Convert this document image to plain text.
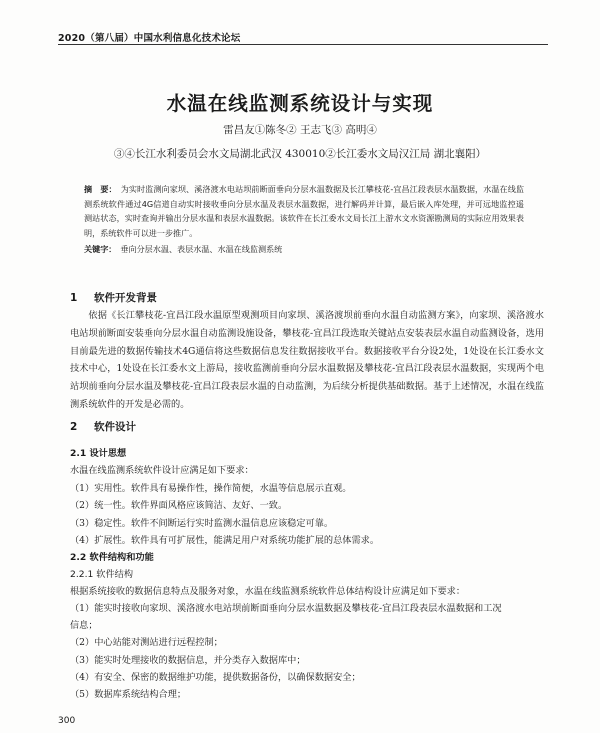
2020（第八届）中国水利信息化技术论坛
水温在线监测系统设计与实现
雷昌友①陈冬② 王志飞③ 高明④
③④长江水利委员会水文局湖北武汉 430010②长江委水文局汉江局 湖北襄阳）
摘　要： 为实时监测向家坝、溪洛渡水电站坝前断面垂向分层水温数据及长江攀枝花-宜昌江段表层水温数据，水温在线监测系统软件通过4G信道自动实时接收垂向分层水温及表层水温数据，进行解码并计算，最后嵌入库处理，并可远地监控遥测站状态，实时查询并输出分层水温和表层水温数据。该软件在长江委水文局长江上游水文水资源勘测局的实际应用效果表明，系统软件可以进一步推广。
关键字： 垂向分层水温、表层水温、水温在线监测系统
1 软件开发背景
依据《长江攀枝花-宜昌江段水温原型观测项目向家坝、溪洛渡坝前垂向水温自动监测方案》，向家坝、溪洛渡水电站坝前断面安装垂向分层水温自动监测设施设备，攀枝花-宜昌江段选取关键站点安装表层水温自动监测设备，选用目前最先进的数据传输技术4G通信将这些数据信息发往数据接收平台。数据接收平台分设2处，1处设在长江委水文技术中心，1处设在长江委水文上游局，接收监测前垂向分层水温数据及攀枝花-宜昌江段表层水温数据，实现两个电站坝前垂向分层水温及攀枝花-宜昌江段表层水温的自动监测，为后续分析提供基础数据。基于上述情况，水温在线监测系统软件的开发是必需的。
2 软件设计
2.1 设计思想
水温在线监测系统软件设计应满足如下要求：
（1）实用性。软件具有易操作性，操作简便，水温等信息展示直观。
（2）统一性。软件界面风格应该简洁、友好、一致。
（3）稳定性。软件不间断运行实时监测水温信息应该稳定可靠。
（4）扩展性。软件具有可扩展性，能满足用户对系统功能扩展的总体需求。
2.2 软件结构和功能
2.2.1 软件结构
根据系统接收的数据信息特点及服务对象，水温在线监测系统软件总体结构设计应满足如下要求：
（1）能实时接收向家坝、溪洛渡水电站坝前断面垂向分层水温数据及攀枝花-宜昌江段表层水温数据和工况
信息；
（2）中心站能对测站进行远程控制；
（3）能实时处理接收的数据信息，并分类存入数据库中；
（4）有安全、保密的数据维护功能，提供数据备份，以确保数据安全；
（5）数据库系统结构合理；
300
